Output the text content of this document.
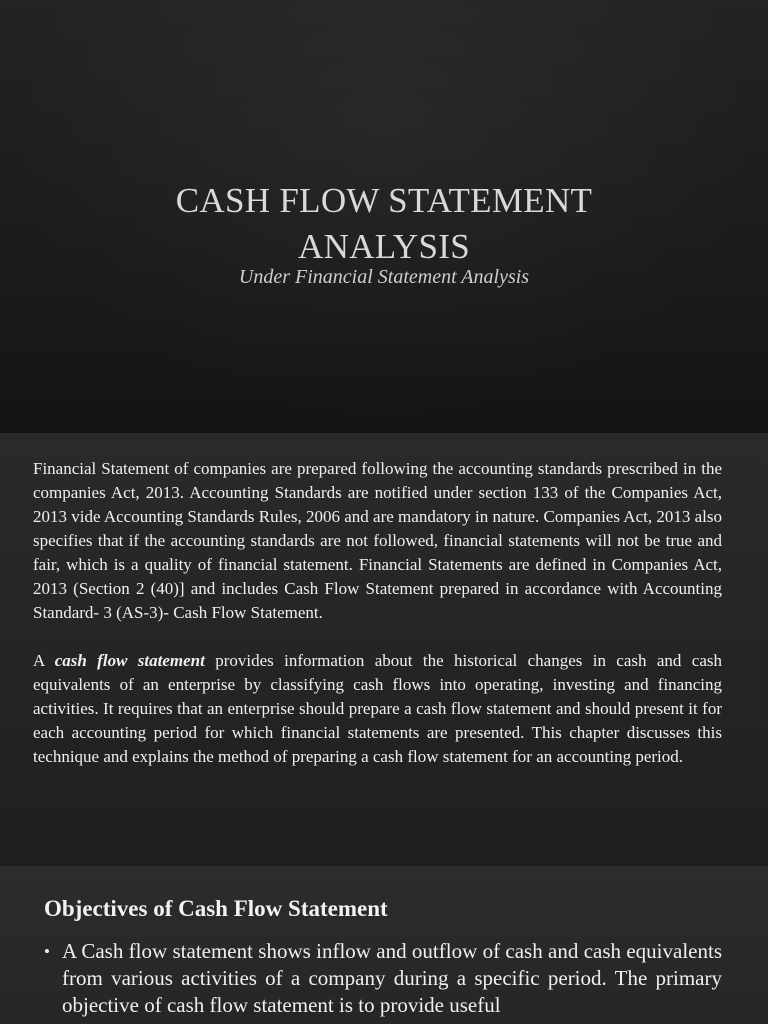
CASH FLOW STATEMENT
ANALYSIS
Under Financial Statement Analysis

Financial Statement of companies are prepared following the accounting standards prescribed in the companies Act, 2013. Accounting Standards are notified under section 133 of the Companies Act, 2013 vide Accounting Standards Rules, 2006 and are mandatory in nature. Companies Act, 2013 also specifies that if the accounting standards are not followed, financial statements will not be true and fair, which is a quality of financial statement. Financial Statements are defined in Companies Act, 2013 (Section 2 (40)] and includes Cash Flow Statement prepared in accordance with Accounting Standard- 3 (AS-3)- Cash Flow Statement.

A cash flow statement provides information about the historical changes in cash and cash equivalents of an enterprise by classifying cash flows into operating, investing and financing activities. It requires that an enterprise should prepare a cash flow statement and should present it for each accounting period for which financial statements are presented. This chapter discusses this technique and explains the method of preparing a cash flow statement for an accounting period.

Objectives of Cash Flow Statement
• A Cash flow statement shows inflow and outflow of cash and cash equivalents from various activities of a company during a specific period. The primary objective of cash flow statement is to provide useful
